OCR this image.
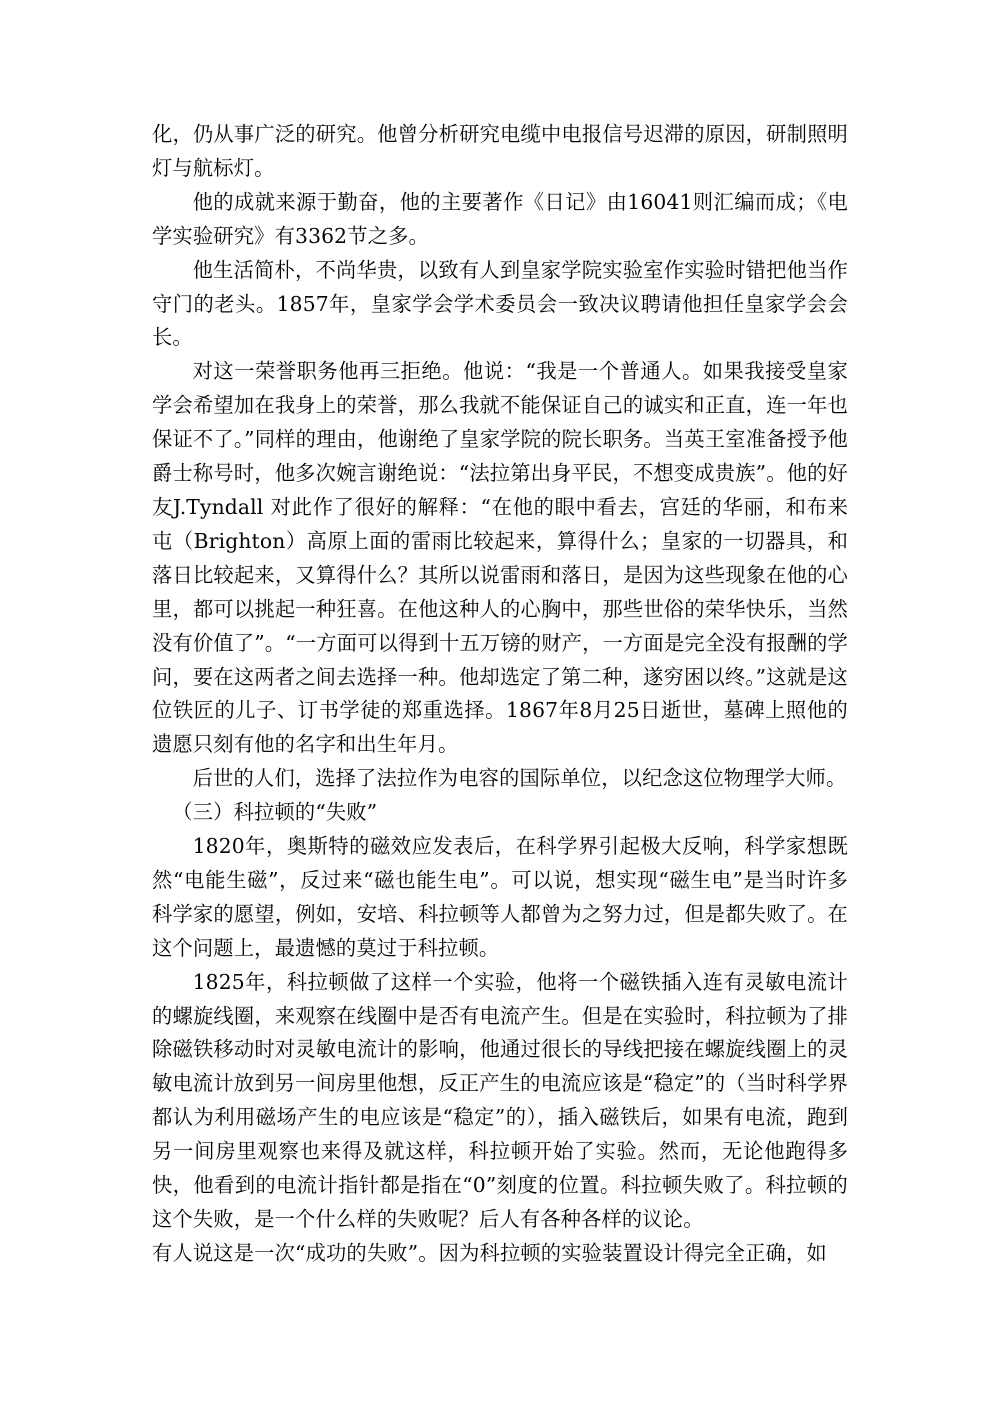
化，仍从事广泛的研究。他曾分析研究电缆中电报信号迟滞的原因，研制照明灯与航标灯。

他的成就来源于勤奋，他的主要著作《日记》由16041则汇编而成；《电学实验研究》有3362节之多。

他生活简朴，不尚华贵，以致有人到皇家学院实验室作实验时错把他当作守门的老头。1857年，皇家学会学术委员会一致决议聘请他担任皇家学会会长。

对这一荣誉职务他再三拒绝。他说：“我是一个普通人。如果我接受皇家学会希望加在我身上的荣誉，那么我就不能保证自己的诚实和正直，连一年也保证不了。”同样的理由，他谢绝了皇家学院的院长职务。当英王室准备授予他爵士称号时，他多次婉言谢绝说：“法拉第出身平民，不想变成贵族”。他的好友J.Tyndall 对此作了很好的解释：“在他的眼中看去，宫廷的华丽，和布来屯（Brighton）高原上面的雷雨比较起来，算得什么；皇家的一切器具，和落日比较起来，又算得什么？其所以说雷雨和落日，是因为这些现象在他的心里，都可以挑起一种狂喜。在他这种人的心胸中，那些世俗的荣华快乐，当然没有价值了”。“一方面可以得到十五万镑的财产，一方面是完全没有报酬的学问，要在这两者之间去选择一种。他却选定了第二种，遂穷困以终。”这就是这位铁匠的儿子、订书学徒的郑重选择。1867年8月25日逝世，墓碑上照他的遗愿只刻有他的名字和出生年月。

后世的人们，选择了法拉作为电容的国际单位，以纪念这位物理学大师。

（三）科拉顿的“失败”

1820年，奥斯特的磁效应发表后，在科学界引起极大反响，科学家想既然“电能生磁”，反过来“磁也能生电”。可以说，想实现“磁生电”是当时许多科学家的愿望，例如，安培、科拉顿等人都曾为之努力过，但是都失败了。在这个问题上，最遗憾的莫过于科拉顿。

1825年，科拉顿做了这样一个实验，他将一个磁铁插入连有灵敏电流计的螺旋线圈，来观察在线圈中是否有电流产生。但是在实验时，科拉顿为了排除磁铁移动时对灵敏电流计的影响，他通过很长的导线把接在螺旋线圈上的灵敏电流计放到另一间房里他想，反正产生的电流应该是“稳定”的（当时科学界都认为利用磁场产生的电应该是“稳定”的），插入磁铁后，如果有电流，跑到另一间房里观察也来得及就这样，科拉顿开始了实验。然而，无论他跑得多快，他看到的电流计指针都是指在“0”刻度的位置。科拉顿失败了。科拉顿的这个失败，是一个什么样的失败呢？后人有各种各样的议论。

有人说这是一次“成功的失败”。因为科拉顿的实验装置设计得完全正确，如
